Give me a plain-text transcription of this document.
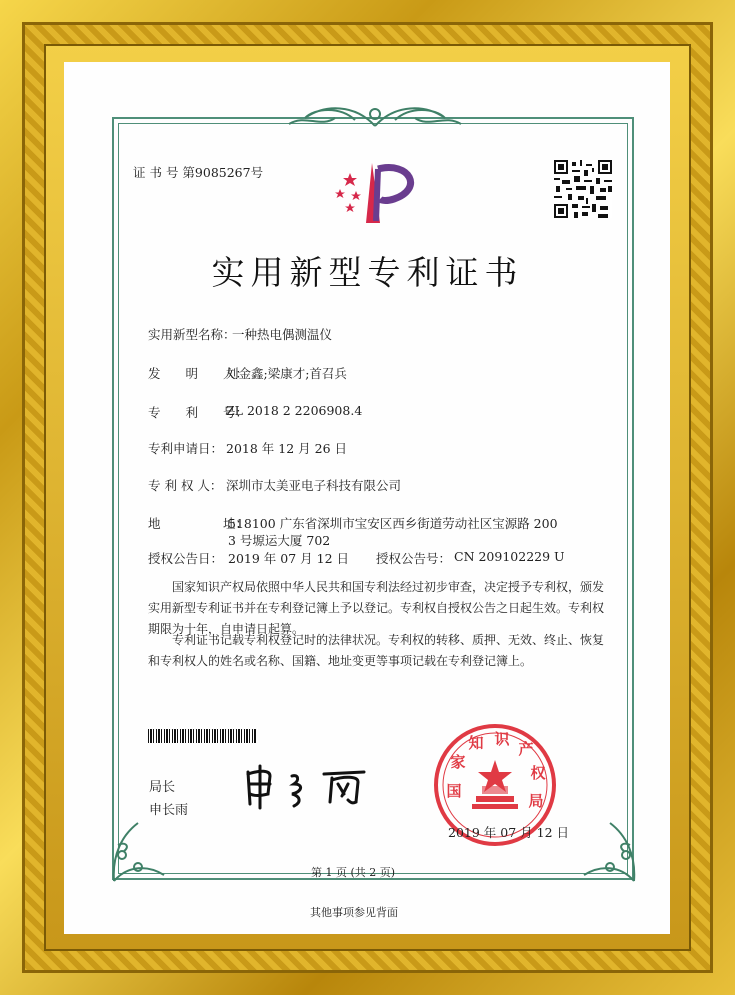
证 书 号 第9085267号
实用新型专利证书
实用新型名称：
一种热电偶测温仪
发　　明　　人：
刘金鑫;梁康才;首召兵
专　　利　　号：
ZL 2018 2 2206908.4
专利申请日： 2018 年 12 月 26 日
专 利 权 人： 深圳市太美亚电子科技有限公司
地　　　　　址：
518100 广东省深圳市宝安区西乡街道劳动社区宝源路 200
3 号塬运大厦 702
授权公告日： 2019 年 07 月 12 日 授权公告号： CN 209102229 U
国家知识产权局依照中华人民共和国专利法经过初步审查，决定授予专利权，颁发实用新型专利证书并在专利登记簿上予以登记。专利权自授权公告之日起生效。专利权期限为十年，自申请日起算。
专利证书记载专利权登记时的法律状况。专利权的转移、质押、无效、终止、恢复和专利权人的姓名或名称、国籍、地址变更等事项记载在专利登记簿上。
局长
申长雨
国
家
知 识
产
权
局
2019 年 07 月 12 日
第 1 页 (共 2 页)
其他事项参见背面
